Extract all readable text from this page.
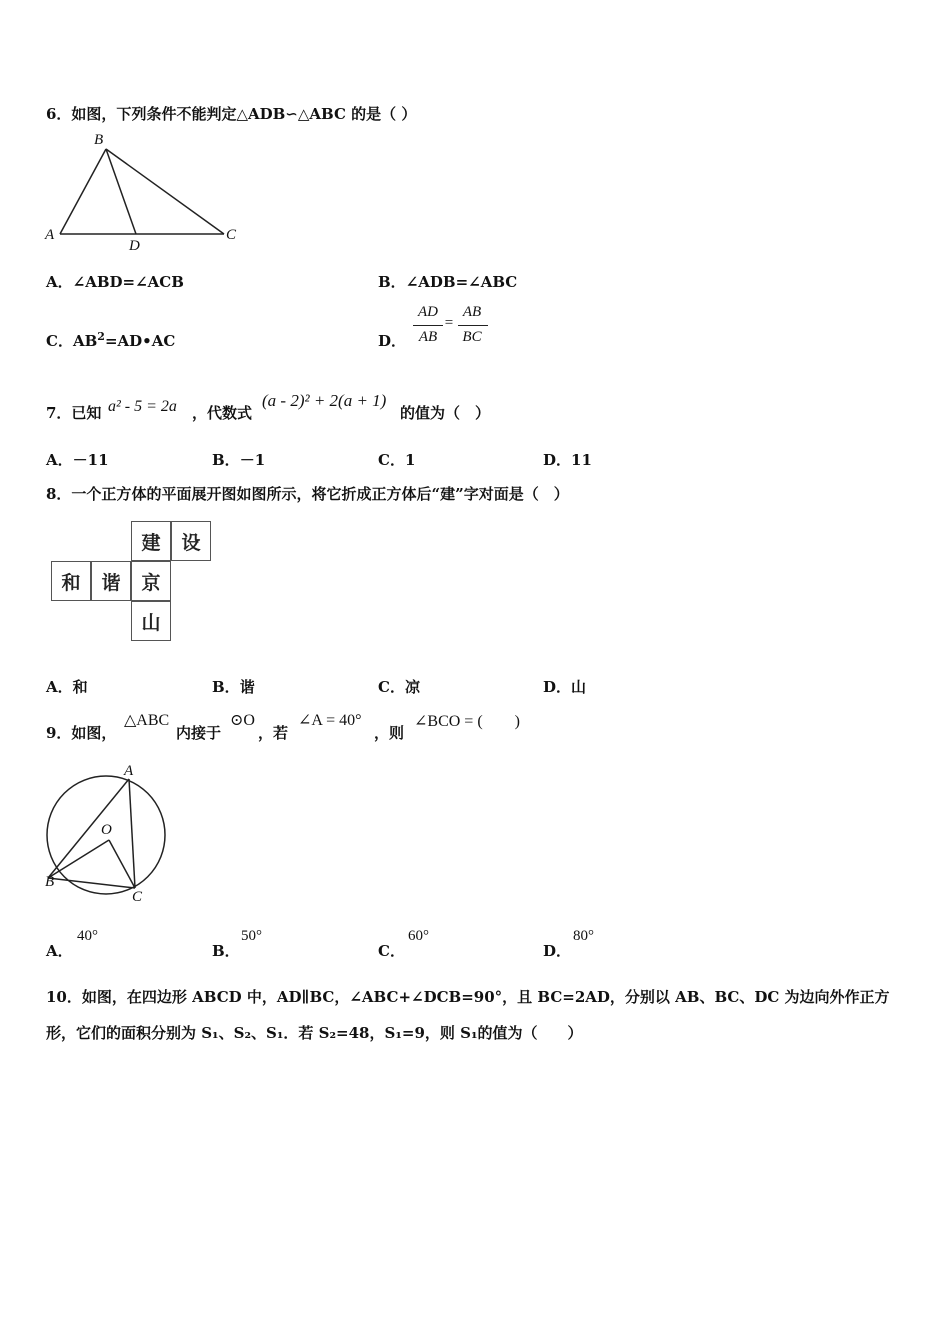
6．如图，下列条件不能判定△ADB∽△ABC 的是（ ）
B
A
D
C
A．∠ABD=∠ACB	B．∠ADB=∠ABC
C．$AB^2=AD•AC$	D．
AD
AB
=
AB
BC
7．已知 a² - 5 = 2a ，代数式
(a - 2)² + 2(a + 1)
的值为（　）
A．－11	B．－1	C．1	D．11
8．一个正方体的平面展开图如图所示，将它折成正方体后“建”字对面是（　）
建	设
和	谐	京
山
A．和	B．谐	C．凉	D．山
9．如图，
△ABC
内接于
⊙O
，若
∠A = 40°
，则
∠BCO = (　　)
A
O
B
C
A．
40°
B．
50°
C．
60°
D．
80°
10．如图，在四边形 ABCD 中，AD∥BC，∠ABC+∠DCB=90°，且 BC=2AD，分别以 AB、BC、DC 为边向外作正方
形，它们的面积分别为 S₁、S₂、S₁．若 S₂=48，S₁=9，则 S₁的值为（　　）
